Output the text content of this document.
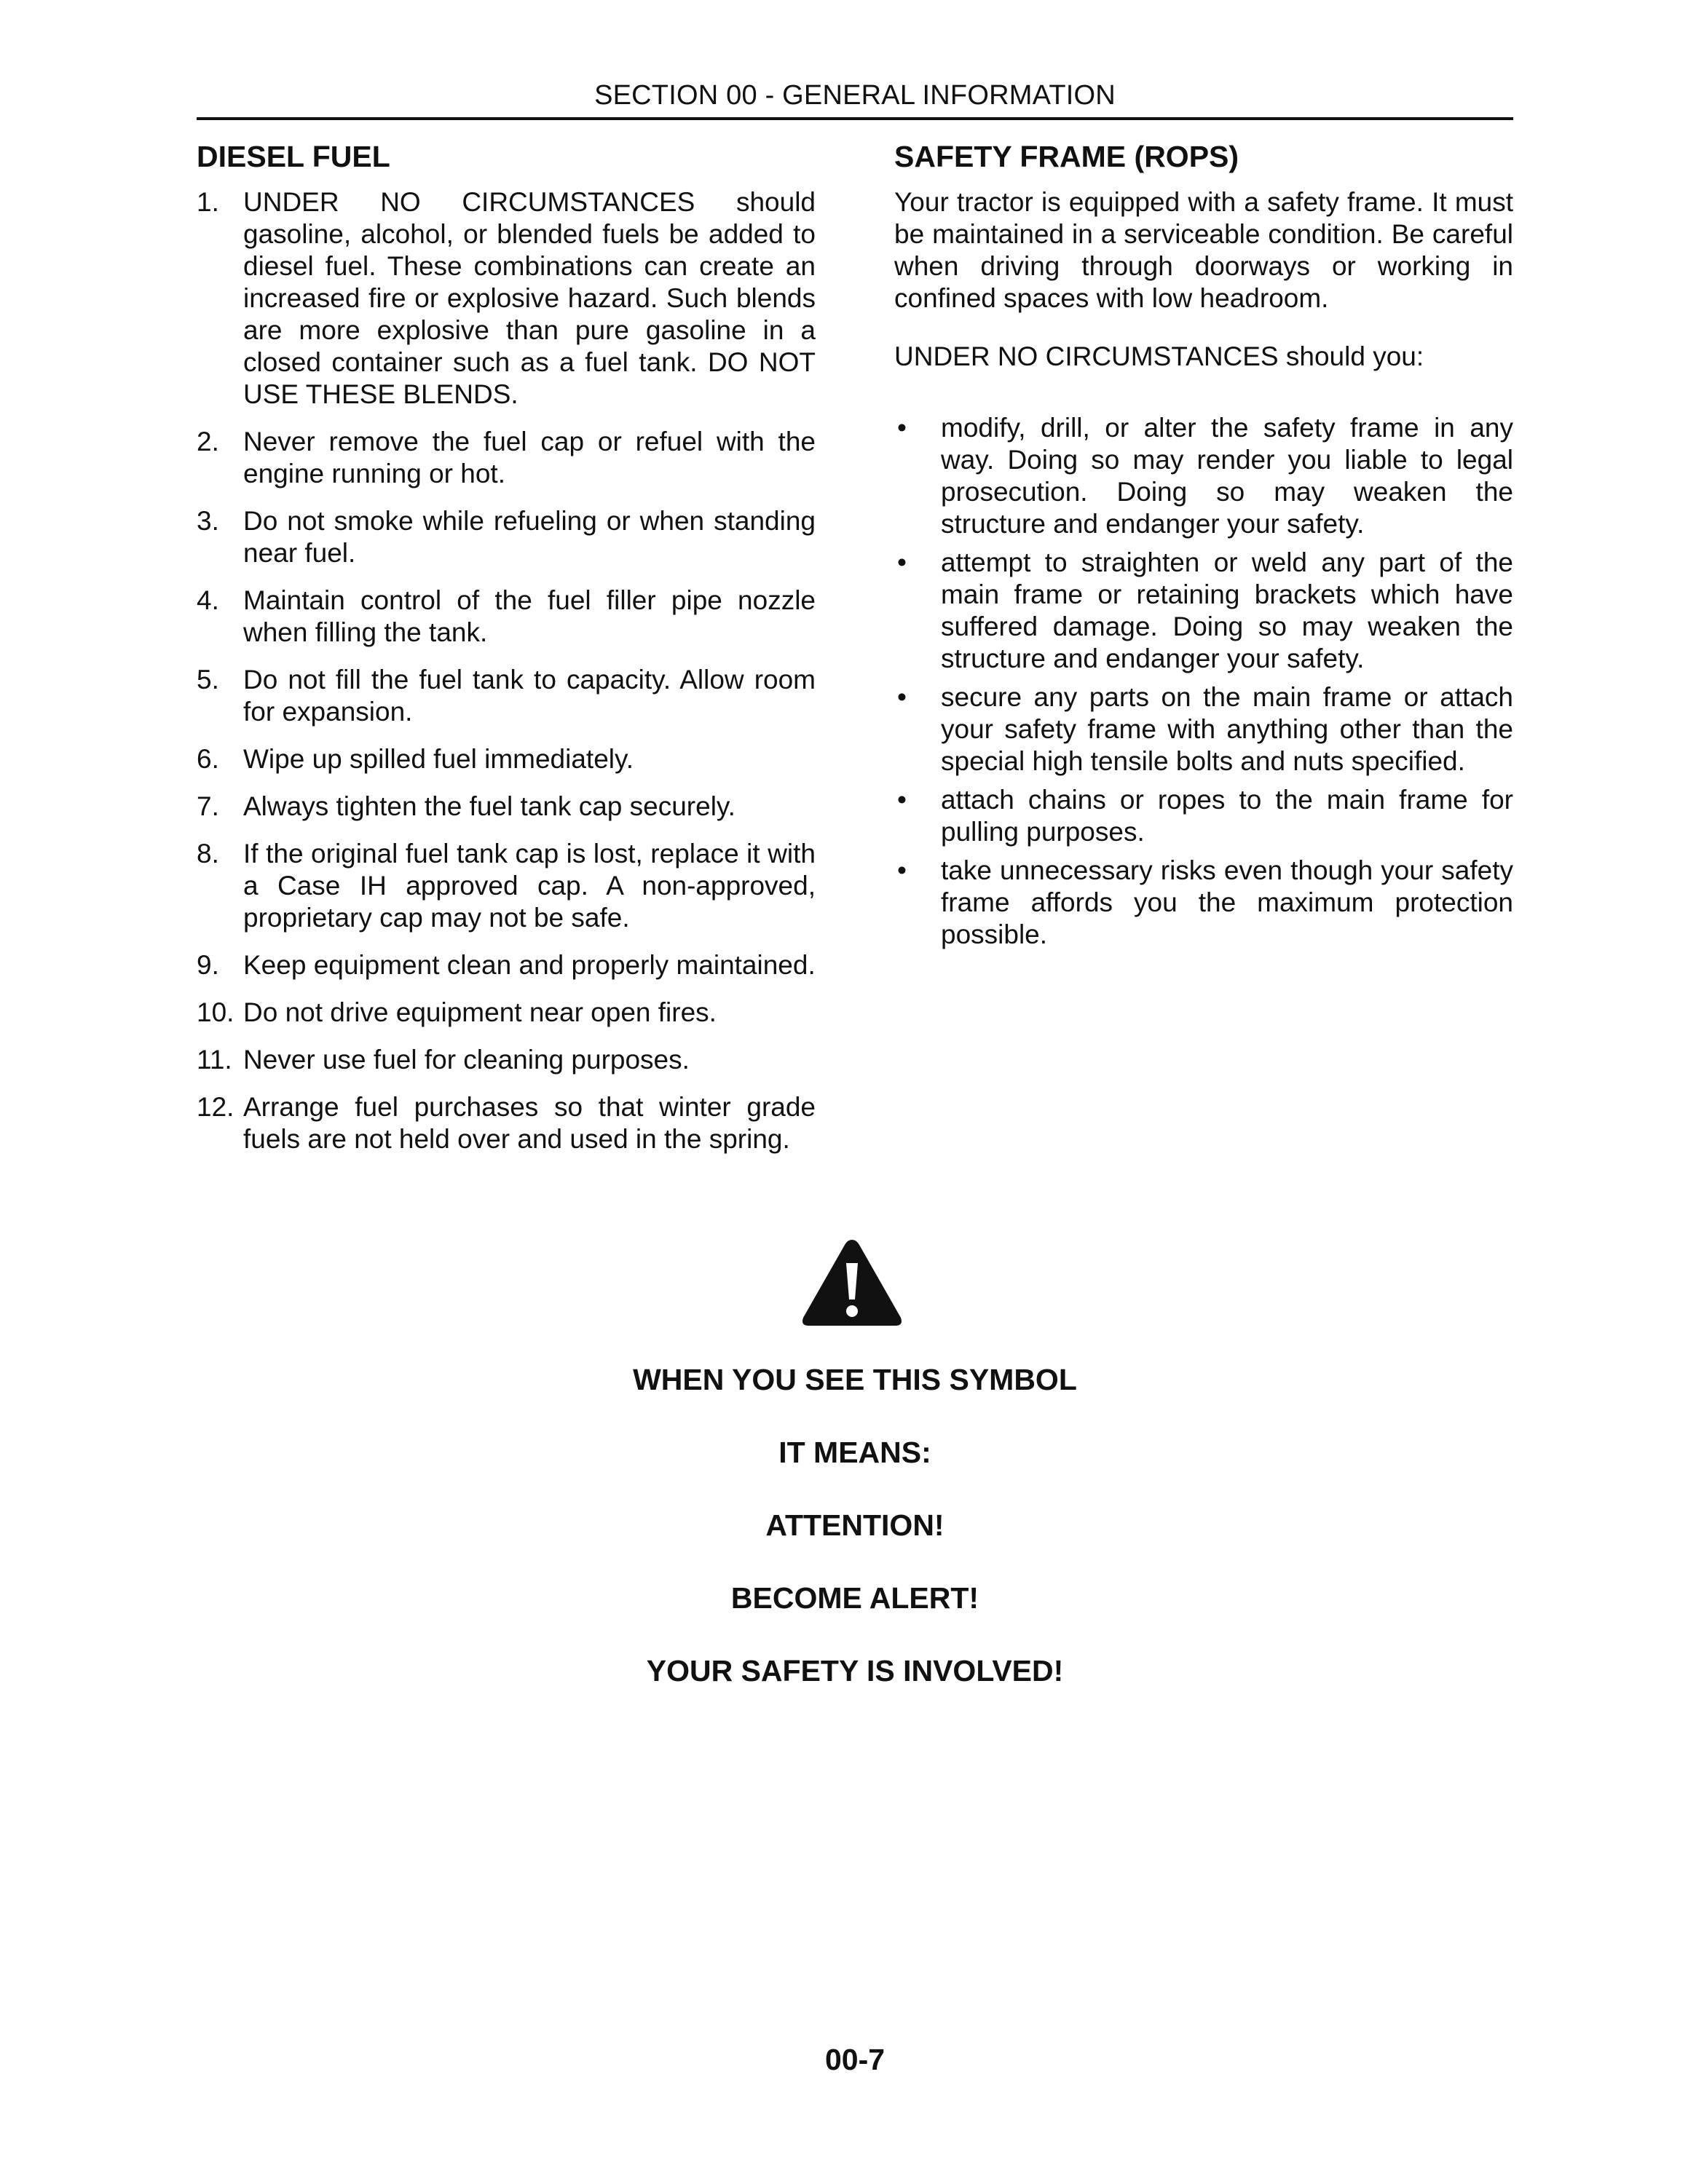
SECTION 00 - GENERAL INFORMATION
DIESEL FUEL
1. UNDER NO CIRCUMSTANCES should gasoline, alcohol, or blended fuels be added to diesel fuel. These combinations can create an increased fire or explosive hazard. Such blends are more explosive than pure gasoline in a closed container such as a fuel tank. DO NOT USE THESE BLENDS.
2. Never remove the fuel cap or refuel with the engine running or hot.
3. Do not smoke while refueling or when standing near fuel.
4. Maintain control of the fuel filler pipe nozzle when filling the tank.
5. Do not fill the fuel tank to capacity. Allow room for expansion.
6. Wipe up spilled fuel immediately.
7. Always tighten the fuel tank cap securely.
8. If the original fuel tank cap is lost, replace it with a Case IH approved cap. A non-approved, proprietary cap may not be safe.
9. Keep equipment clean and properly maintained.
10. Do not drive equipment near open fires.
11. Never use fuel for cleaning purposes.
12. Arrange fuel purchases so that winter grade fuels are not held over and used in the spring.
SAFETY FRAME (ROPS)

Your tractor is equipped with a safety frame. It must be maintained in a serviceable condition. Be careful when driving through doorways or working in confined spaces with low headroom.

UNDER NO CIRCUMSTANCES should you:

• modify, drill, or alter the safety frame in any way. Doing so may render you liable to legal prosecution. Doing so may weaken the structure and endanger your safety.
• attempt to straighten or weld any part of the main frame or retaining brackets which have suffered damage. Doing so may weaken the structure and endanger your safety.
• secure any parts on the main frame or attach your safety frame with anything other than the special high tensile bolts and nuts specified.
• attach chains or ropes to the main frame for pulling purposes.
• take unnecessary risks even though your safety frame affords you the maximum protection possible.
WHEN YOU SEE THIS SYMBOL
IT MEANS:
ATTENTION!
BECOME ALERT!
YOUR SAFETY IS INVOLVED!
00-7
